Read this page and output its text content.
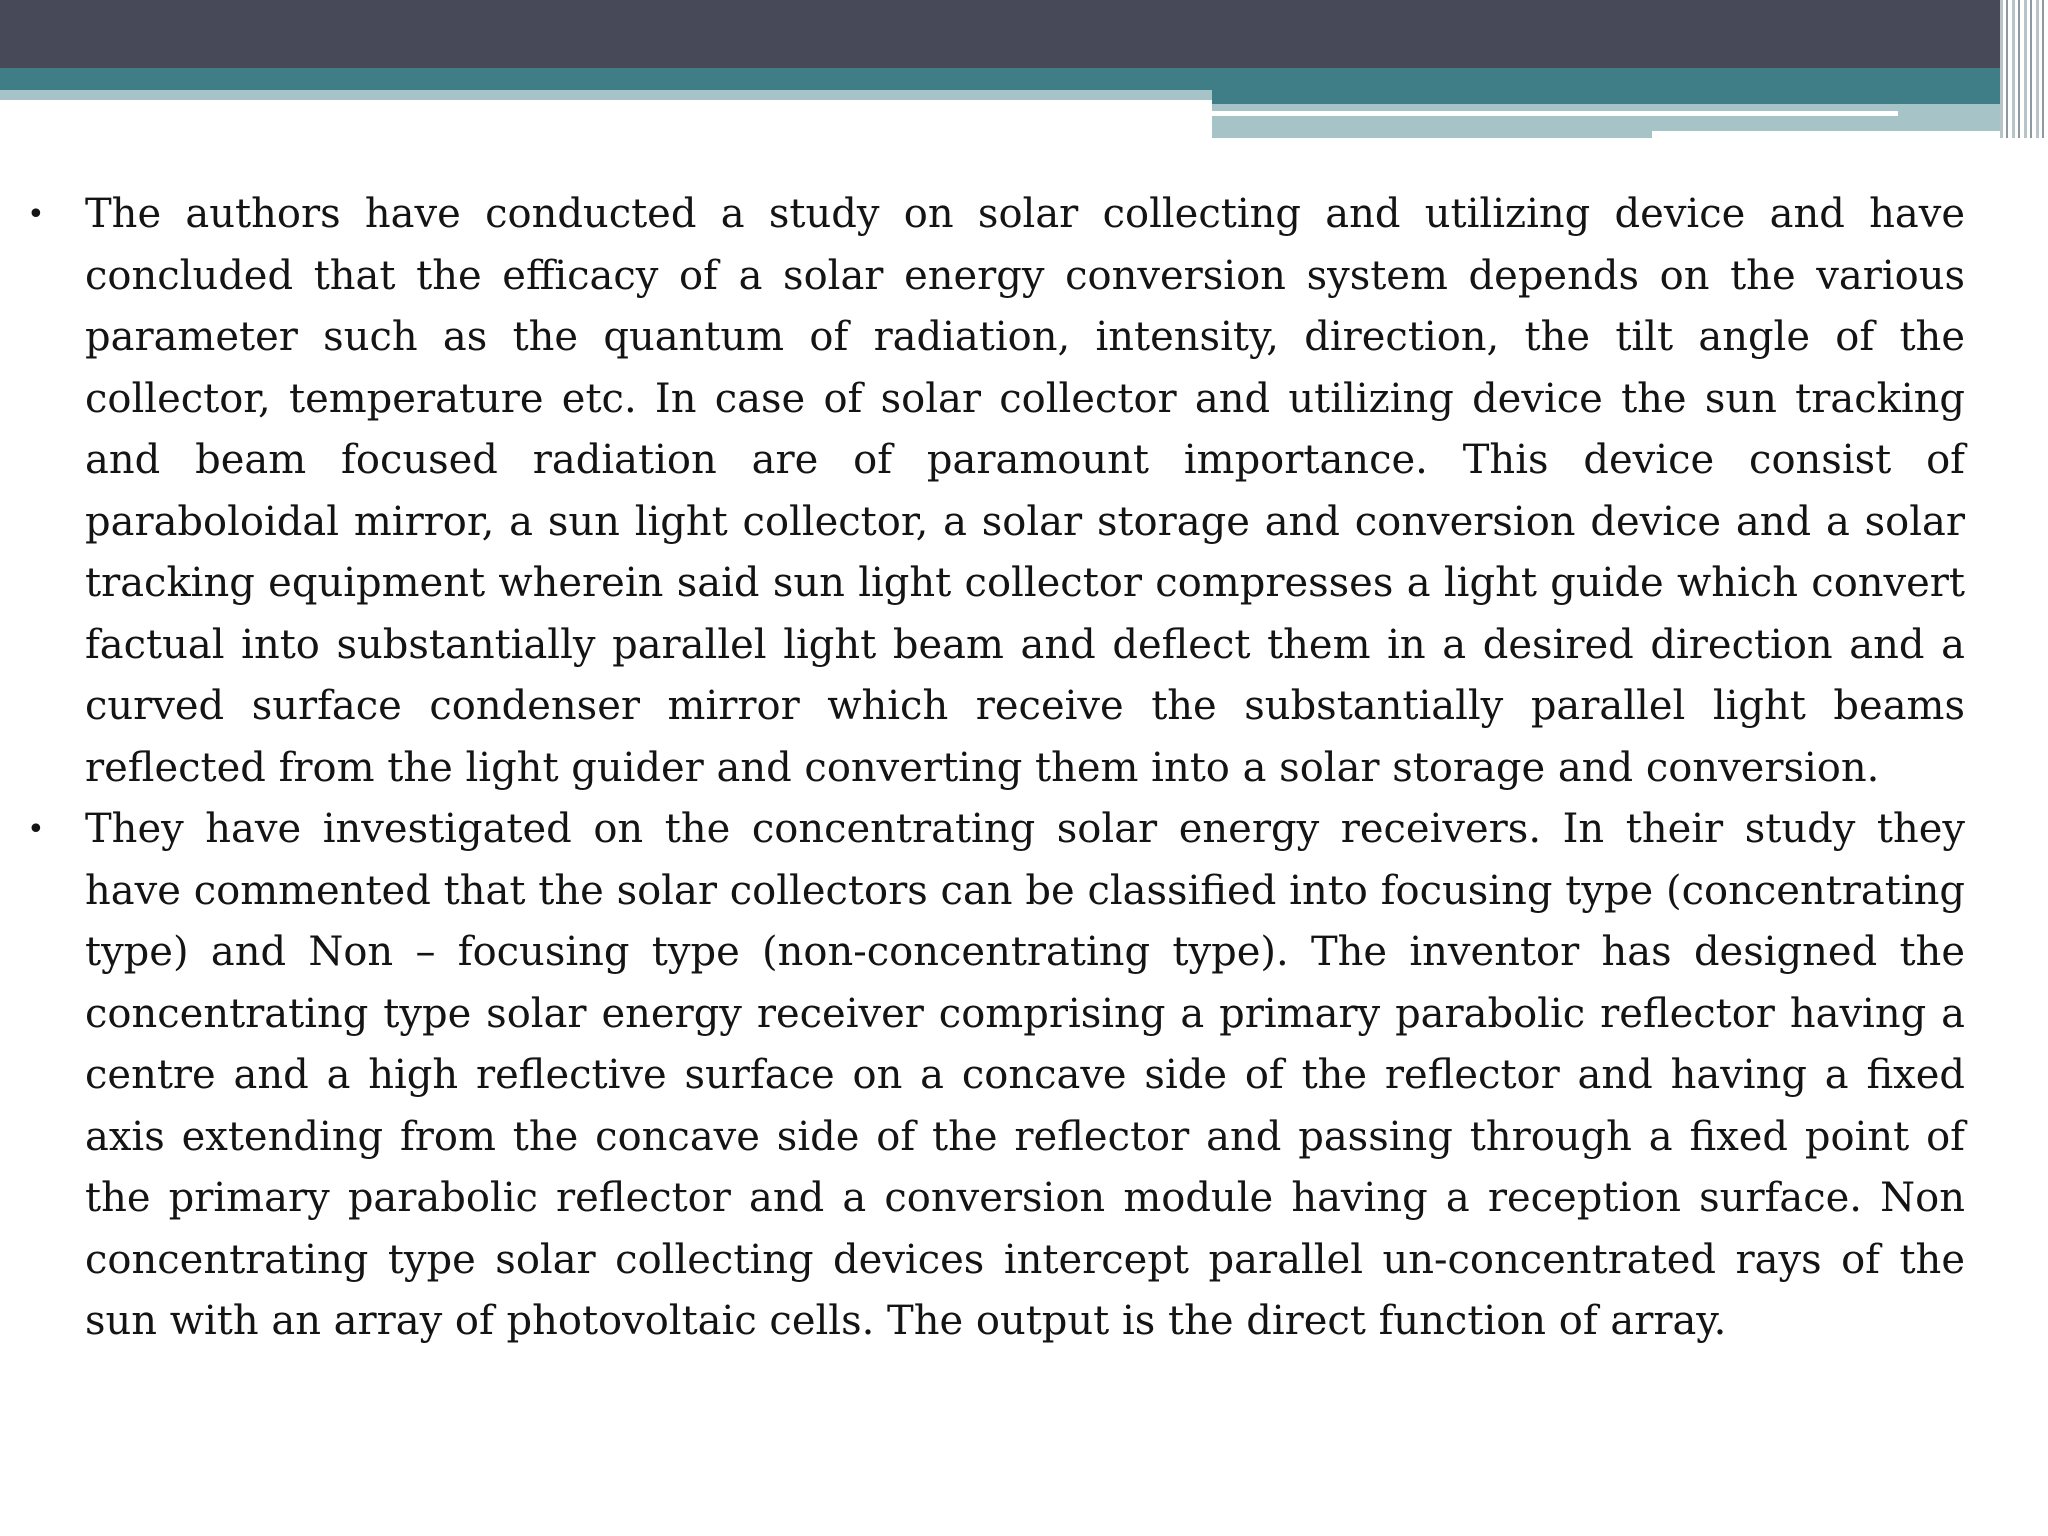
• The authors have conducted a study on solar collecting and utilizing device and have concluded that the efficacy of a solar energy conversion system depends on the various parameter such as the quantum of radiation, intensity, direction, the tilt angle of the collector, temperature etc. In case of solar collector and utilizing device the sun tracking and beam focused radiation are of paramount importance. This device consist of paraboloidal mirror, a sun light collector, a solar storage and conversion device and a solar tracking equipment wherein said sun light collector compresses a light guide which convert factual into substantially parallel light beam and deflect them in a desired direction and a curved surface condenser mirror which receive the substantially parallel light beams reflected from the light guider and converting them into a solar storage and conversion.
• They have investigated on the concentrating solar energy receivers. In their study they have commented that the solar collectors can be classified into focusing type (concentrating type) and Non – focusing type (non-concentrating type). The inventor has designed the concentrating type solar energy receiver comprising a primary parabolic reflector having a centre and a high reflective surface on a concave side of the reflector and having a fixed axis extending from the concave side of the reflector and passing through a fixed point of the primary parabolic reflector and a conversion module having a reception surface. Non concentrating type solar collecting devices intercept parallel un-concentrated rays of the sun with an array of photovoltaic cells. The output is the direct function of array.
